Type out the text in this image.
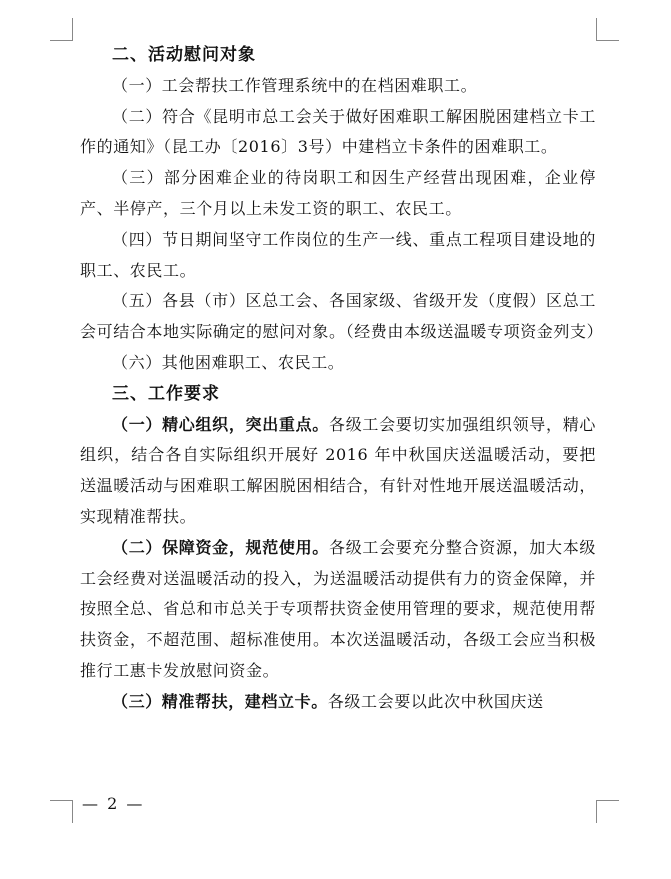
二、活动慰问对象

（一）工会帮扶工作管理系统中的在档困难职工。

（二）符合《昆明市总工会关于做好困难职工解困脱困建档立卡工作的通知》（昆工办〔2016〕3号）中建档立卡条件的困难职工。

（三）部分困难企业的待岗职工和因生产经营出现困难，企业停产、半停产，三个月以上未发工资的职工、农民工。

（四）节日期间坚守工作岗位的生产一线、重点工程项目建设地的职工、农民工。

（五）各县（市）区总工会、各国家级、省级开发（度假）区总工会可结合本地实际确定的慰问对象。（经费由本级送温暖专项资金列支）

（六）其他困难职工、农民工。

三、工作要求

（一）精心组织，突出重点。各级工会要切实加强组织领导，精心组织，结合各自实际组织开展好 2016 年中秋国庆送温暖活动，要把送温暖活动与困难职工解困脱困相结合，有针对性地开展送温暖活动，实现精准帮扶。

（二）保障资金，规范使用。各级工会要充分整合资源，加大本级工会经费对送温暖活动的投入，为送温暖活动提供有力的资金保障，并按照全总、省总和市总关于专项帮扶资金使用管理的要求，规范使用帮扶资金，不超范围、超标准使用。本次送温暖活动，各级工会应当积极推行工惠卡发放慰问资金。

（三）精准帮扶，建档立卡。各级工会要以此次中秋国庆送

— 2 —
